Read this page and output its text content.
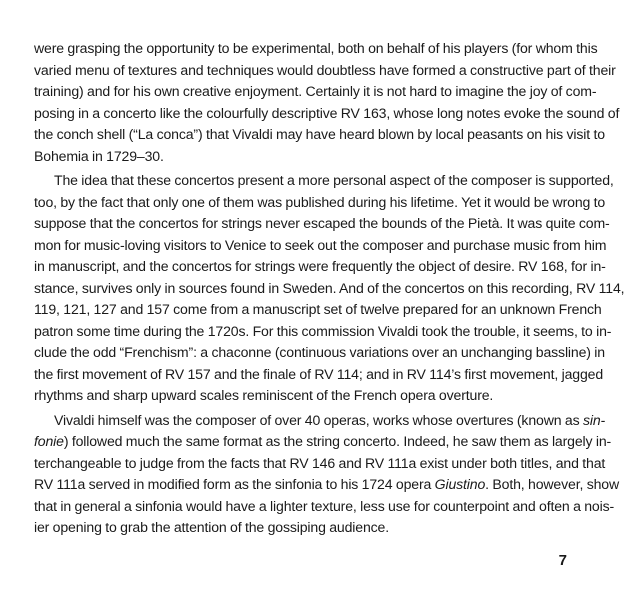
were grasping the opportunity to be experimental, both on behalf of his players (for whom this
varied menu of textures and techniques would doubtless have formed a constructive part of their
training) and for his own creative enjoyment. Certainly it is not hard to imagine the joy of com-
posing in a concerto like the colourfully descriptive RV 163, whose long notes evoke the sound of
the conch shell (“La conca”) that Vivaldi may have heard blown by local peasants on his visit to
Bohemia in 1729–30.

The idea that these concertos present a more personal aspect of the composer is supported,
too, by the fact that only one of them was published during his lifetime. Yet it would be wrong to
suppose that the concertos for strings never escaped the bounds of the Pietà. It was quite com-
mon for music-loving visitors to Venice to seek out the composer and purchase music from him
in manuscript, and the concertos for strings were frequently the object of desire. RV 168, for in-
stance, survives only in sources found in Sweden. And of the concertos on this recording, RV 114,
119, 121, 127 and 157 come from a manuscript set of twelve prepared for an unknown French
patron some time during the 1720s. For this commission Vivaldi took the trouble, it seems, to in-
clude the odd “Frenchism”: a chaconne (continuous variations over an unchanging bassline) in
the first movement of RV 157 and the finale of RV 114; and in RV 114’s first movement, jagged
rhythms and sharp upward scales reminiscent of the French opera overture.

Vivaldi himself was the composer of over 40 operas, works whose overtures (known as sin-
fonie) followed much the same format as the string concerto. Indeed, he saw them as largely in-
terchangeable to judge from the facts that RV 146 and RV 111a exist under both titles, and that
RV 111a served in modified form as the sinfonia to his 1724 opera Giustino. Both, however, show
that in general a sinfonia would have a lighter texture, less use for counterpoint and often a nois-
ier opening to grab the attention of the gossiping audience.

7
